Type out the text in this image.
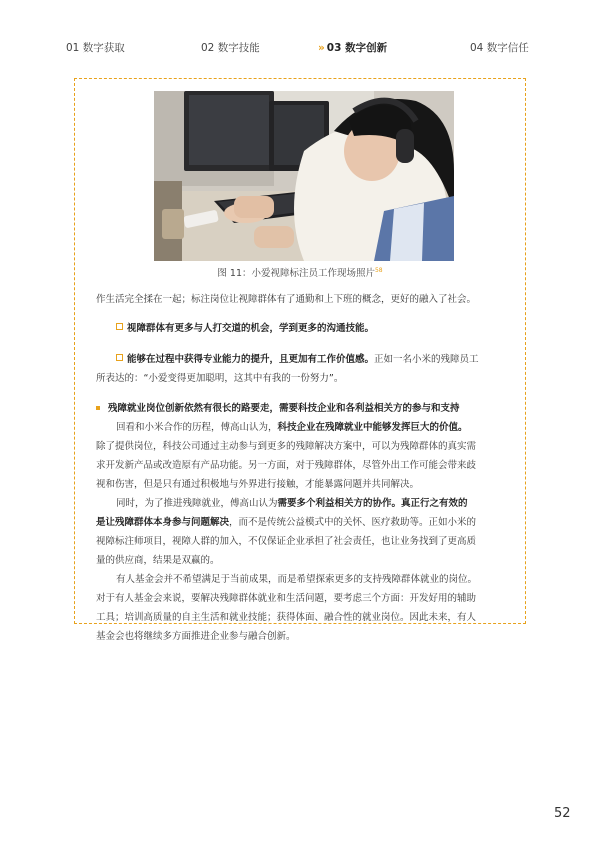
01 数字获取	02 数字技能	» 03 数字创新	04 数字信任
图 11：小爱视障标注员工作现场照片$^{58}$
作生活完全揉在一起；标注岗位让视障群体有了通勤和上下班的概念，更好的融入了社会。
视障群体有更多与人打交道的机会，学到更多的沟通技能。
能够在过程中获得专业能力的提升，且更加有工作价值感。正如一名小米的残障员工
所表达的：“小爱变得更加聪明，这其中有我的一份努力”。
残障就业岗位创新依然有很长的路要走，需要科技企业和各利益相关方的参与和支持
回看和小米合作的历程，傅高山认为，科技企业在残障就业中能够发挥巨大的价值。
除了提供岗位，科技公司通过主动参与到更多的残障解决方案中，可以为残障群体的真实需
求开发新产品或改造原有产品功能。另一方面，对于残障群体，尽管外出工作可能会带来歧
视和伤害，但是只有通过积极地与外界进行接触，才能暴露问题并共同解决。
同时，为了推进残障就业，傅高山认为需要多个利益相关方的协作。真正行之有效的
是让残障群体本身参与问题解决，而不是传统公益模式中的关怀、医疗救助等。正如小米的
视障标注师项目，视障人群的加入，不仅保证企业承担了社会责任，也让业务找到了更高质
量的供应商，结果是双赢的。
有人基金会并不希望满足于当前成果，而是希望探索更多的支持残障群体就业的岗位。
对于有人基金会来说，要解决残障群体就业和生活问题，要考虑三个方面：开发好用的辅助
工具；培训高质量的自主生活和就业技能；获得体面、融合性的就业岗位。因此未来，有人
基金会也将继续多方面推进企业参与融合创新。
52
